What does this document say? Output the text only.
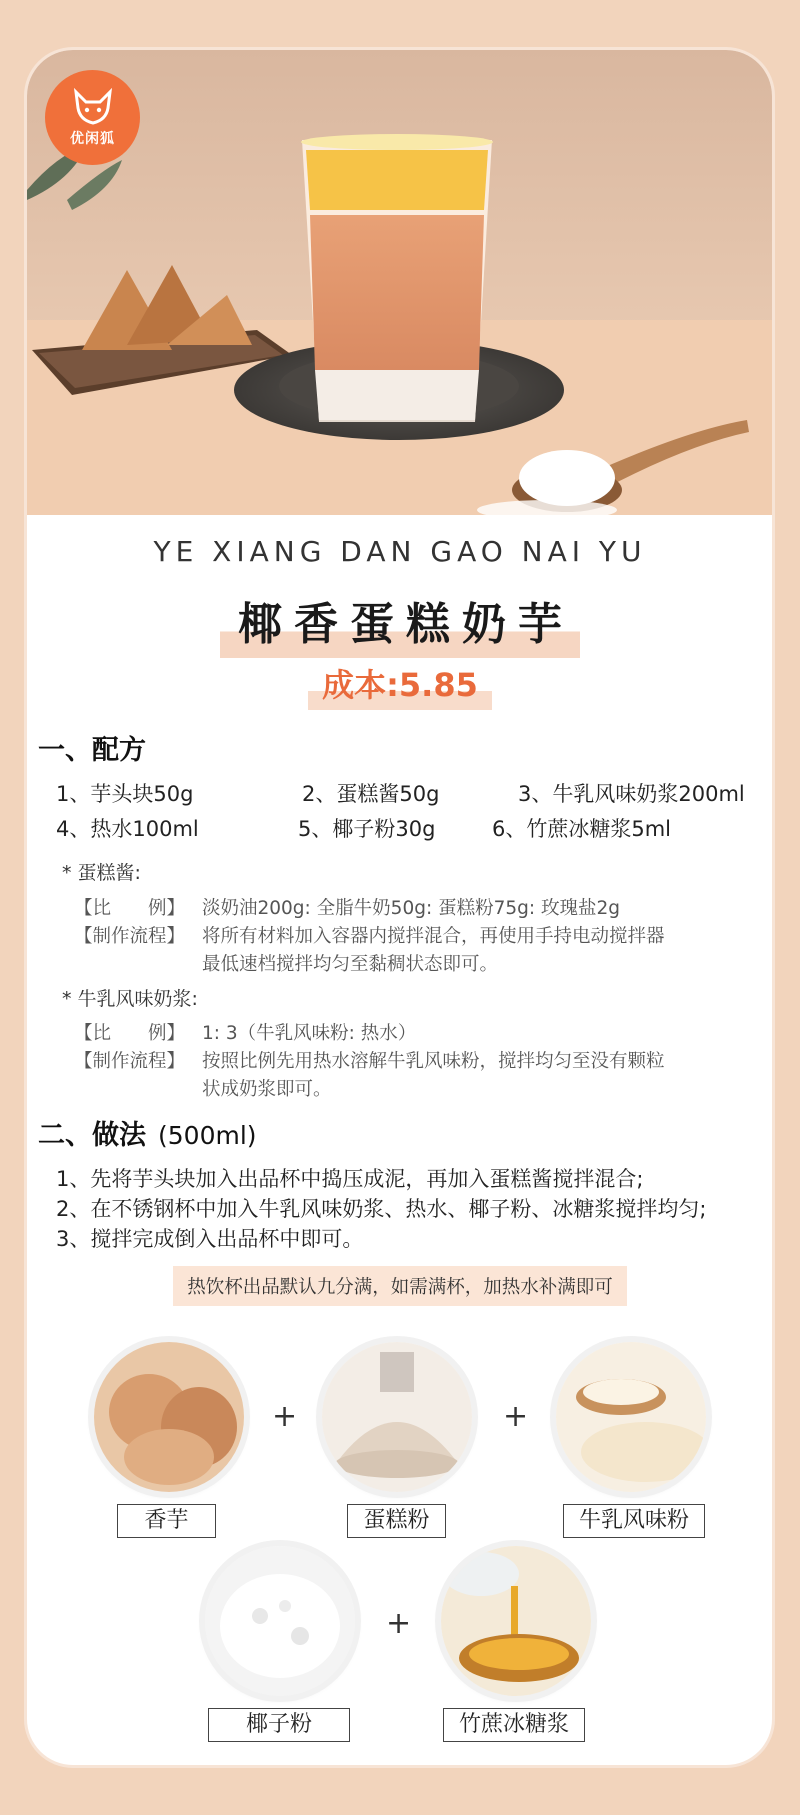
优闲狐
YE XIANG DAN GAO NAI YU
椰香蛋糕奶芋
成本:5.85
一、配方
1、芋头块50g	2、蛋糕酱50g	3、牛乳风味奶浆200ml
4、热水100ml	5、椰子粉30g	6、竹蔗冰糖浆5ml
* 蛋糕酱:
【比　　例】 淡奶油200g: 全脂牛奶50g: 蛋糕粉75g: 玫瑰盐2g
【制作流程】 将所有材料加入容器内搅拌混合，再使用手持电动搅拌器
最低速档搅拌均匀至黏稠状态即可。
* 牛乳风味奶浆:
【比　　例】 1: 3（牛乳风味粉: 热水）
【制作流程】 按照比例先用热水溶解牛乳风味粉，搅拌均匀至没有颗粒
状成奶浆即可。
二、做法 (500ml)
1、先将芋头块加入出品杯中捣压成泥，再加入蛋糕酱搅拌混合;
2、在不锈钢杯中加入牛乳风味奶浆、热水、椰子粉、冰糖浆搅拌均匀;
3、搅拌完成倒入出品杯中即可。
热饮杯出品默认九分满，如需满杯，加热水补满即可
+	+
香芋	蛋糕粉	牛乳风味粉
+
椰子粉	竹蔗冰糖浆
